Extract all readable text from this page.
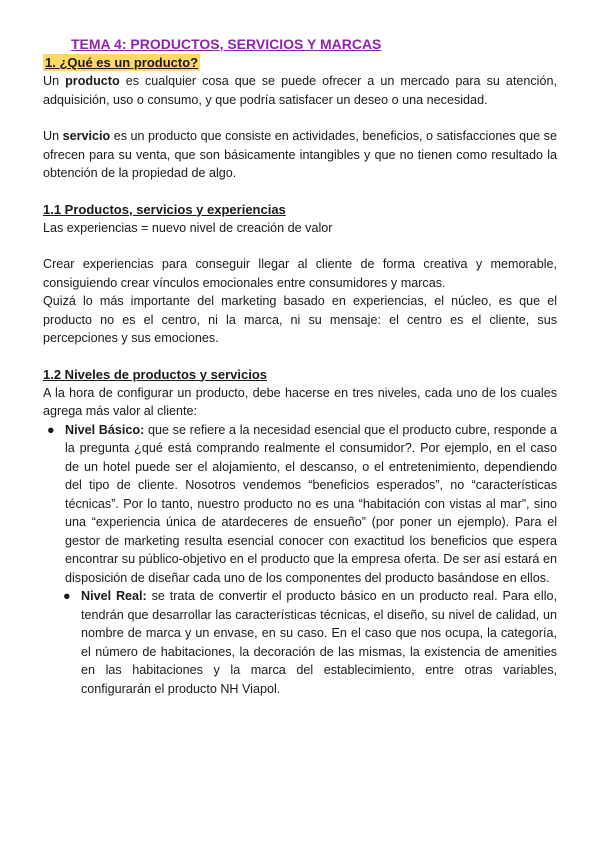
TEMA 4: PRODUCTOS, SERVICIOS Y MARCAS
1. ¿Qué es un producto?

Un producto es cualquier cosa que se puede ofrecer a un mercado para su atención, adquisición, uso o consumo, y que podría satisfacer un deseo o una necesidad.

Un servicio es un producto que consiste en actividades, beneficios, o satisfacciones que se ofrecen para su venta, que son básicamente intangibles y que no tienen como resultado la obtención de la propiedad de algo.

1.1 Productos, servicios y experiencias

Las experiencias = nuevo nivel de creación de valor

Crear experiencias para conseguir llegar al cliente de forma creativa y memorable, consiguiendo crear vínculos emocionales entre consumidores y marcas.

Quizá lo más importante del marketing basado en experiencias, el núcleo, es que el producto no es el centro, ni la marca, ni su mensaje: el centro es el cliente, sus percepciones y sus emociones.

1.2 Niveles de productos y servicios

A la hora de configurar un producto, debe hacerse en tres niveles, cada uno de los cuales agrega más valor al cliente:

● Nivel Básico: que se refiere a la necesidad esencial que el producto cubre, responde a la pregunta ¿qué está comprando realmente el consumidor?. Por ejemplo, en el caso de un hotel puede ser el alojamiento, el descanso, o el entretenimiento, dependiendo del tipo de cliente. Nosotros vendemos “beneficios esperados”, no “características técnicas”. Por lo tanto, nuestro producto no es una “habitación con vistas al mar”, sino una “experiencia única de atardeceres de ensueño” (por poner un ejemplo). Para el gestor de marketing resulta esencial conocer con exactitud los beneficios que espera encontrar su público-objetivo en el producto que la empresa oferta. De ser así estará en disposición de diseñar cada uno de los componentes del producto basándose en ellos.
● Nivel Real: se trata de convertir el producto básico en un producto real. Para ello, tendrán que desarrollar las características técnicas, el diseño, su nivel de calidad, un nombre de marca y un envase, en su caso. En el caso que nos ocupa, la categoría, el número de habitaciones, la decoración de las mismas, la existencia de amenities en las habitaciones y la marca del establecimiento, entre otras variables, configurarán el producto NH Viapol.
